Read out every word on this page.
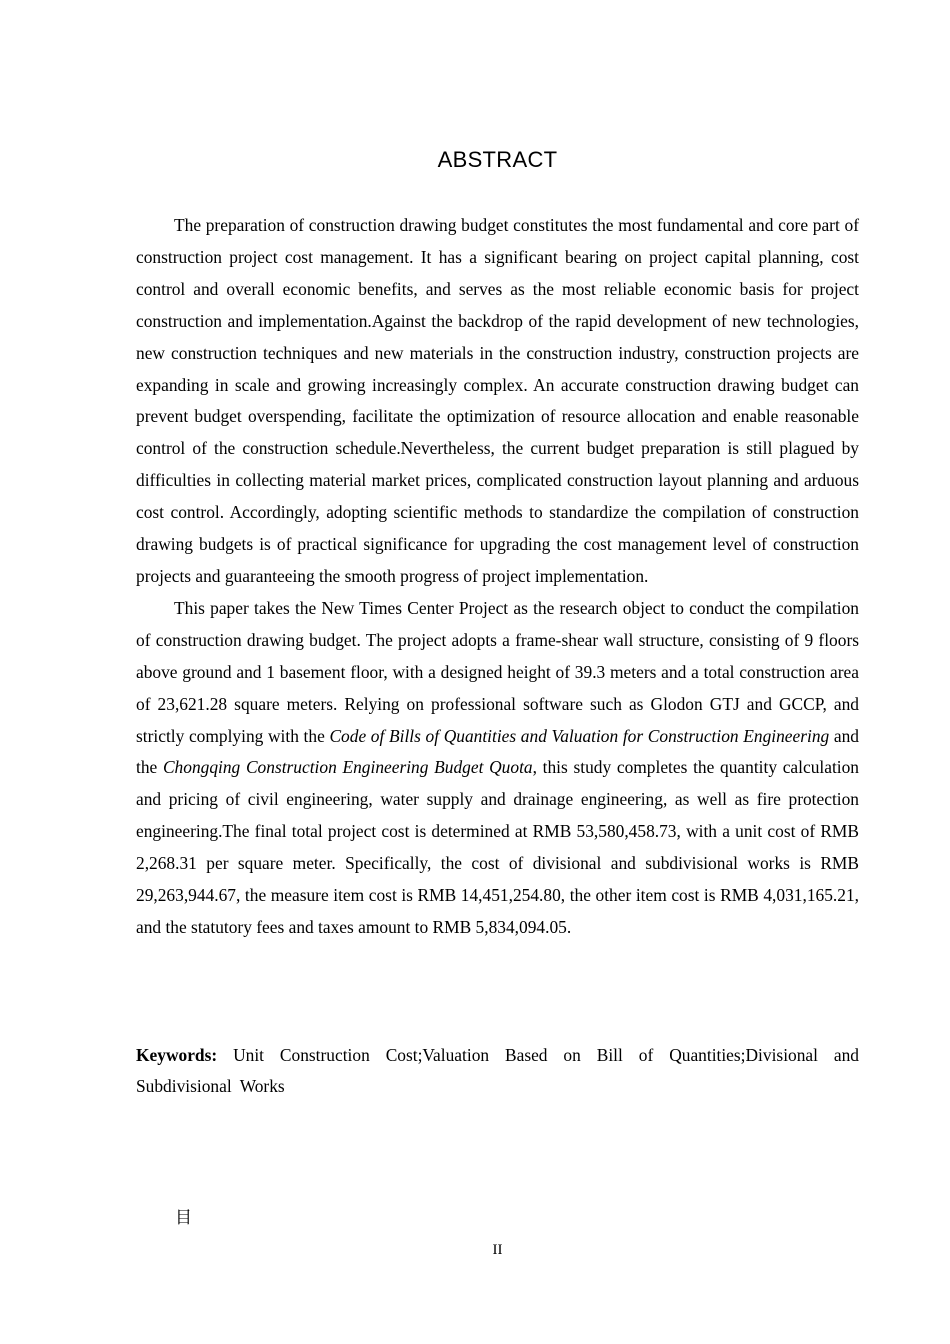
ABSTRACT

The preparation of construction drawing budget constitutes the most fundamental and core part of construction project cost management. It has a significant bearing on project capital planning, cost control and overall economic benefits, and serves as the most reliable economic basis for project construction and implementation.Against the backdrop of the rapid development of new technologies, new construction techniques and new materials in the construction industry, construction projects are expanding in scale and growing increasingly complex. An accurate construction drawing budget can prevent budget overspending, facilitate the optimization of resource allocation and enable reasonable control of the construction schedule.Nevertheless, the current budget preparation is still plagued by difficulties in collecting material market prices, complicated construction layout planning and arduous cost control. Accordingly, adopting scientific methods to standardize the compilation of construction drawing budgets is of practical significance for upgrading the cost management level of construction projects and guaranteeing the smooth progress of project implementation.

This paper takes the New Times Center Project as the research object to conduct the compilation of construction drawing budget. The project adopts a frame-shear wall structure, consisting of 9 floors above ground and 1 basement floor, with a designed height of 39.3 meters and a total construction area of 23,621.28 square meters. Relying on professional software such as Glodon GTJ and GCCP, and strictly complying with the Code of Bills of Quantities and Valuation for Construction Engineering and the Chongqing Construction Engineering Budget Quota, this study completes the quantity calculation and pricing of civil engineering, water supply and drainage engineering, as well as fire protection engineering.The final total project cost is determined at RMB 53,580,458.73, with a unit cost of RMB 2,268.31 per square meter. Specifically, the cost of divisional and subdivisional works is RMB 29,263,944.67, the measure item cost is RMB 14,451,254.80, the other item cost is RMB 4,031,165.21, and the statutory fees and taxes amount to RMB 5,834,094.05.

Keywords: Unit Construction Cost;Valuation Based on Bill of Quantities;Divisional and Subdivisional Works
目
II
